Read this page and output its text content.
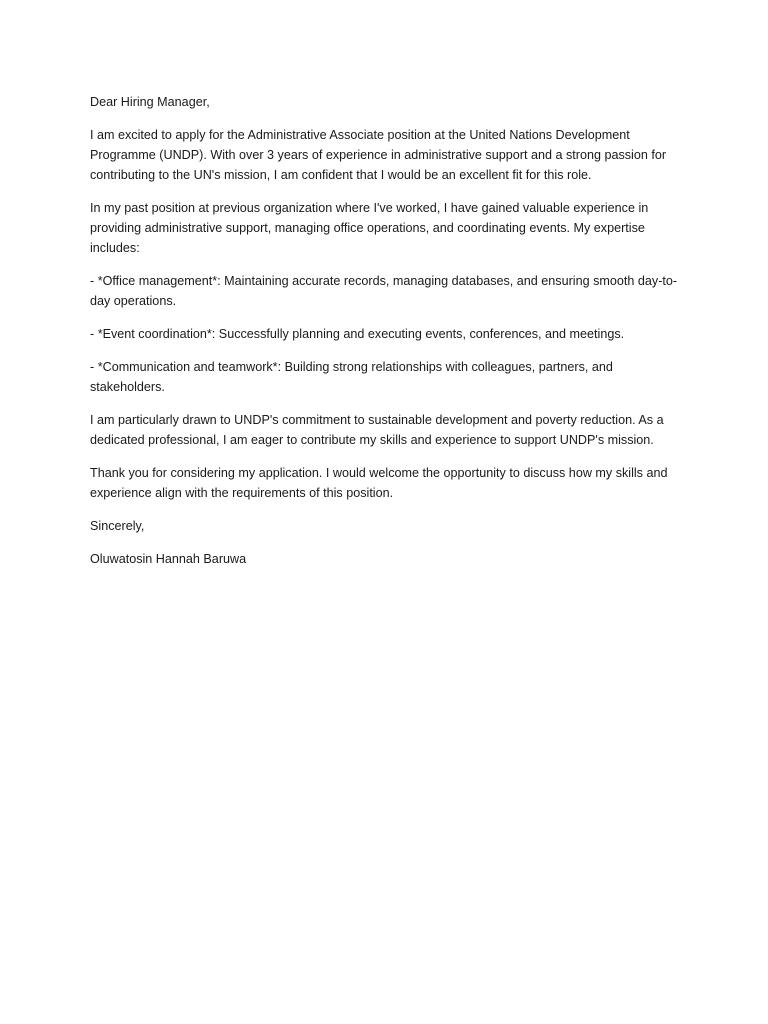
Dear Hiring Manager,

I am excited to apply for the Administrative Associate position at the United Nations Development Programme (UNDP). With over 3 years of experience in administrative support and a strong passion for contributing to the UN's mission, I am confident that I would be an excellent fit for this role.

In my past position at previous organization where I've worked, I have gained valuable experience in providing administrative support, managing office operations, and coordinating events. My expertise includes:

- *Office management*: Maintaining accurate records, managing databases, and ensuring smooth day-to-day operations.

- *Event coordination*: Successfully planning and executing events, conferences, and meetings.

- *Communication and teamwork*: Building strong relationships with colleagues, partners, and stakeholders.

I am particularly drawn to UNDP's commitment to sustainable development and poverty reduction. As a dedicated professional, I am eager to contribute my skills and experience to support UNDP's mission.

Thank you for considering my application. I would welcome the opportunity to discuss how my skills and experience align with the requirements of this position.

Sincerely,

Oluwatosin Hannah Baruwa
